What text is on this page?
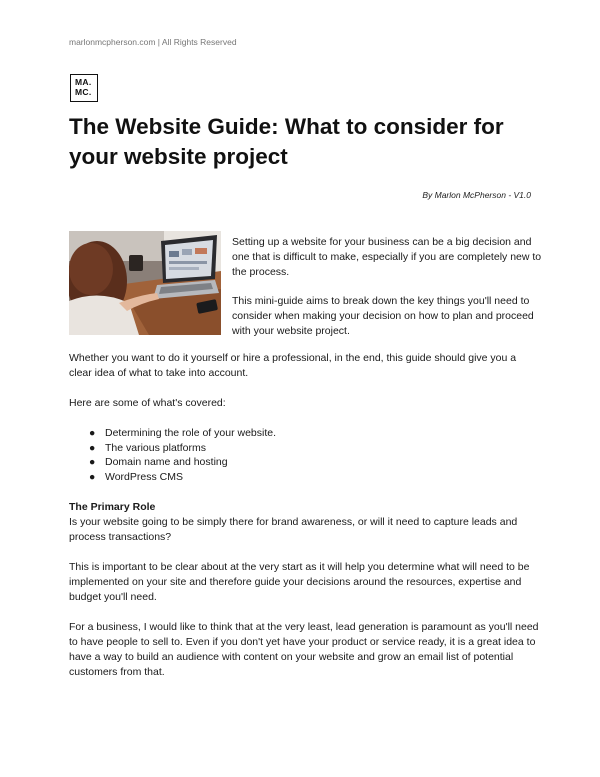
marlonmcpherson.com | All Rights Reserved
MA.
MC.
The Website Guide: What to consider for your website project
By Marlon McPherson - V1.0

Setting up a website for your business can be a big decision and one that is difficult to make, especially if you are completely new to the process.

This mini-guide aims to break down the key things you'll need to consider when making your decision on how to plan and proceed with your website project.

Whether you want to do it yourself or hire a professional, in the end, this guide should give you a clear idea of what to take into account.

Here are some of what's covered:

● Determining the role of your website.
● The various platforms
● Domain name and hosting
● WordPress CMS
The Primary Role

Is your website going to be simply there for brand awareness, or will it need to capture leads and process transactions?

This is important to be clear about at the very start as it will help you determine what will need to be implemented on your site and therefore guide your decisions around the resources, expertise and budget you'll need.

For a business, I would like to think that at the very least, lead generation is paramount as you'll need to have people to sell to. Even if you don't yet have your product or service ready, it is a great idea to have a way to build an audience with content on your website and grow an email list of potential customers from that.
